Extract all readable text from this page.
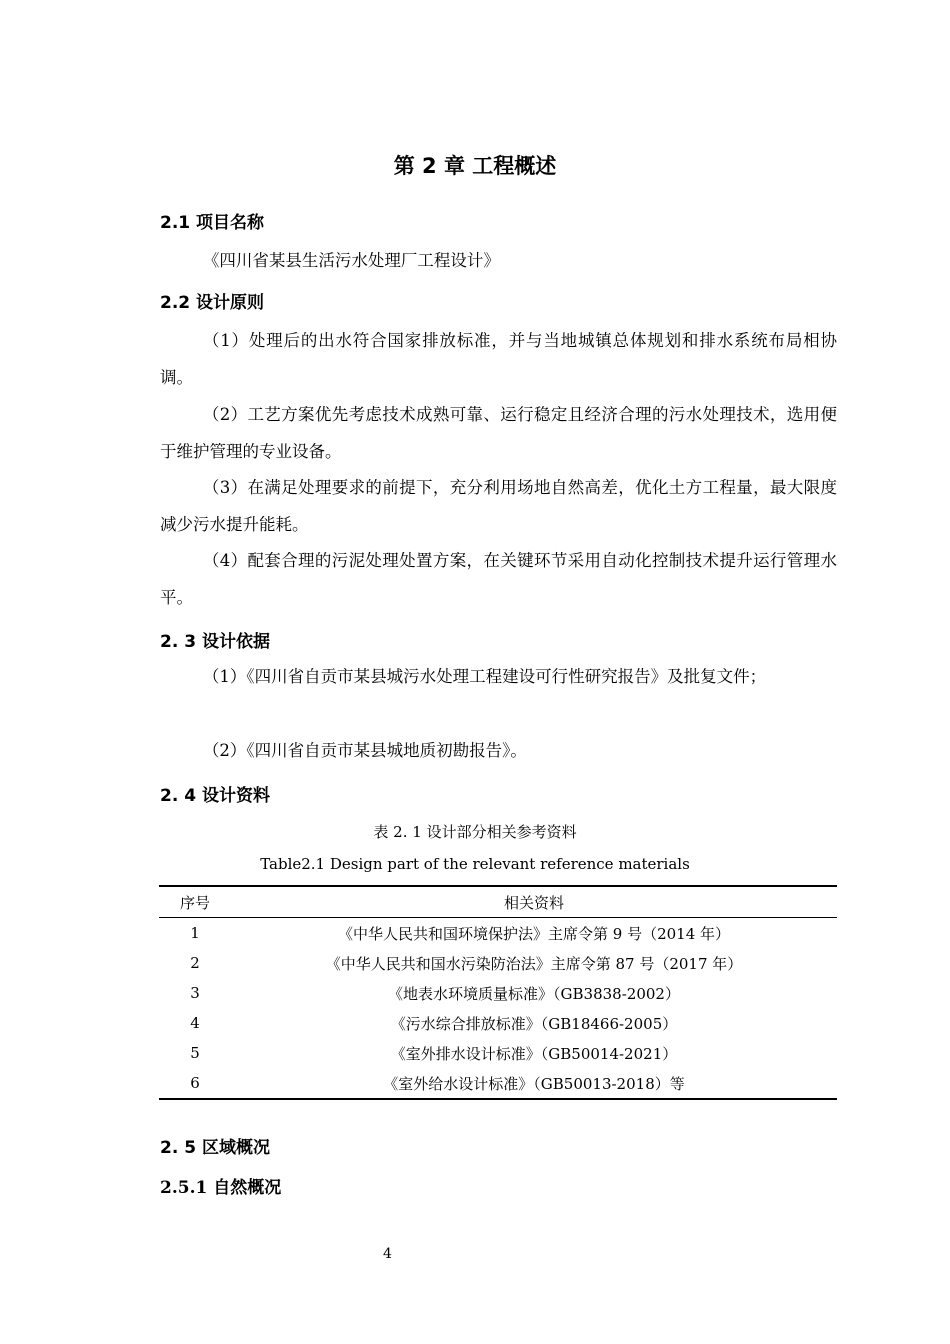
第 2 章 工程概述
2.1 项目名称
《四川省某县生活污水处理厂工程设计》
2.2 设计原则
（1）处理后的出水符合国家排放标准，并与当地城镇总体规划和排水系统布局相协调。
（2）工艺方案优先考虑技术成熟可靠、运行稳定且经济合理的污水处理技术，选用便于维护管理的专业设备。
（3）在满足处理要求的前提下，充分利用场地自然高差，优化土方工程量，最大限度减少污水提升能耗。
（4）配套合理的污泥处理处置方案，在关键环节采用自动化控制技术提升运行管理水平。
2. 3 设计依据
（1）《四川省自贡市某县城污水处理工程建设可行性研究报告》及批复文件；
（2）《四川省自贡市某县城地质初勘报告》。
2. 4 设计资料
表 2. 1 设计部分相关参考资料
Table2.1 Design part of the relevant reference materials
序号	相关资料
1	《中华人民共和国环境保护法》主席令第 9 号（2014 年）
2	《中华人民共和国水污染防治法》主席令第 87 号（2017 年）
3	《地表水环境质量标准》（GB3838-2002）
4	《污水综合排放标准》（GB18466-2005）
5	《室外排水设计标准》（GB50014-2021）
6	《室外给水设计标准》（GB50013-2018）等
2. 5 区域概况
2.5.1 自然概况
4
